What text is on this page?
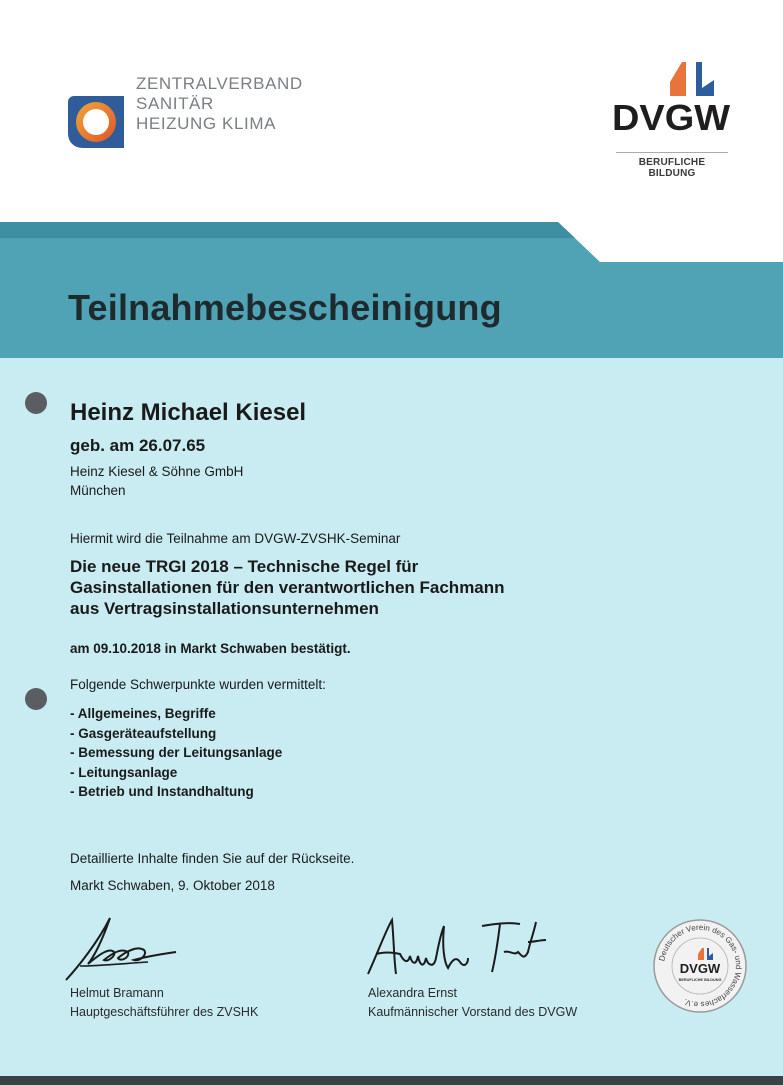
Teilnahmebescheinigung
ZENTRALVERBAND
SANITÄR
HEIZUNG KLIMA	DVGW
BERUFLICHE BILDUNG
Heinz Michael Kiesel
geb. am 26.07.65
Heinz Kiesel & Söhne GmbH
München
Hiermit wird die Teilnahme am DVGW-ZVSHK-Seminar
Die neue TRGI 2018 – Technische Regel für
Gasinstallationen für den verantwortlichen Fachmann
aus Vertragsinstallationsunternehmen
am 09.10.2018 in Markt Schwaben bestätigt.
Folgende Schwerpunkte wurden vermittelt:
- Allgemeines, Begriffe
- Gasgeräteaufstellung
- Bemessung der Leitungsanlage
- Leitungsanlage
- Betrieb und Instandhaltung
Detaillierte Inhalte finden Sie auf der Rückseite.
Markt Schwaben, 9. Oktober 2018
Helmut Bramann
Hauptgeschäftsführer des ZVSHK
Alexandra Ernst
Kaufmännischer Vorstand des DVGW
Deutscher Verein des Gas- und Wasserfaches e.V.
DVGW
BERUFLICHE BILDUNG
